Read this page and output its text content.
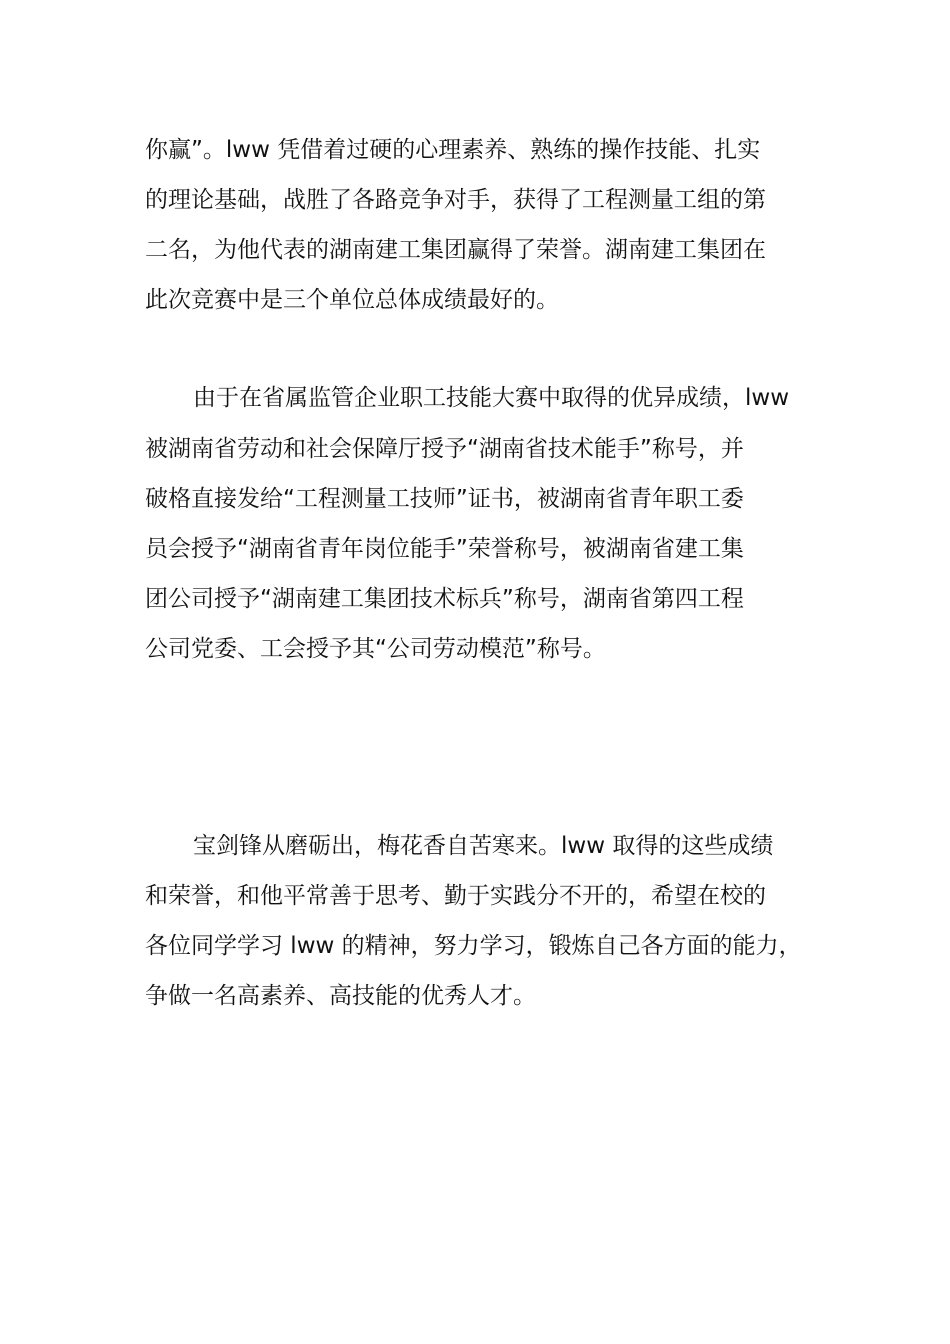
你赢”。lww 凭借着过硬的心理素养、熟练的操作技能、扎实
的理论基础，战胜了各路竞争对手，获得了工程测量工组的第
二名，为他代表的湖南建工集团赢得了荣誉。湖南建工集团在
此次竞赛中是三个单位总体成绩最好的。
由于在省属监管企业职工技能大赛中取得的优异成绩，lww
被湖南省劳动和社会保障厅授予“湖南省技术能手”称号，并
破格直接发给“工程测量工技师”证书，被湖南省青年职工委
员会授予“湖南省青年岗位能手”荣誉称号，被湖南省建工集
团公司授予“湖南建工集团技术标兵”称号，湖南省第四工程
公司党委、工会授予其“公司劳动模范”称号。
宝剑锋从磨砺出，梅花香自苦寒来。lww 取得的这些成绩
和荣誉，和他平常善于思考、勤于实践分不开的，希望在校的
各位同学学习 lww 的精神，努力学习，锻炼自己各方面的能力，
争做一名高素养、高技能的优秀人才。
